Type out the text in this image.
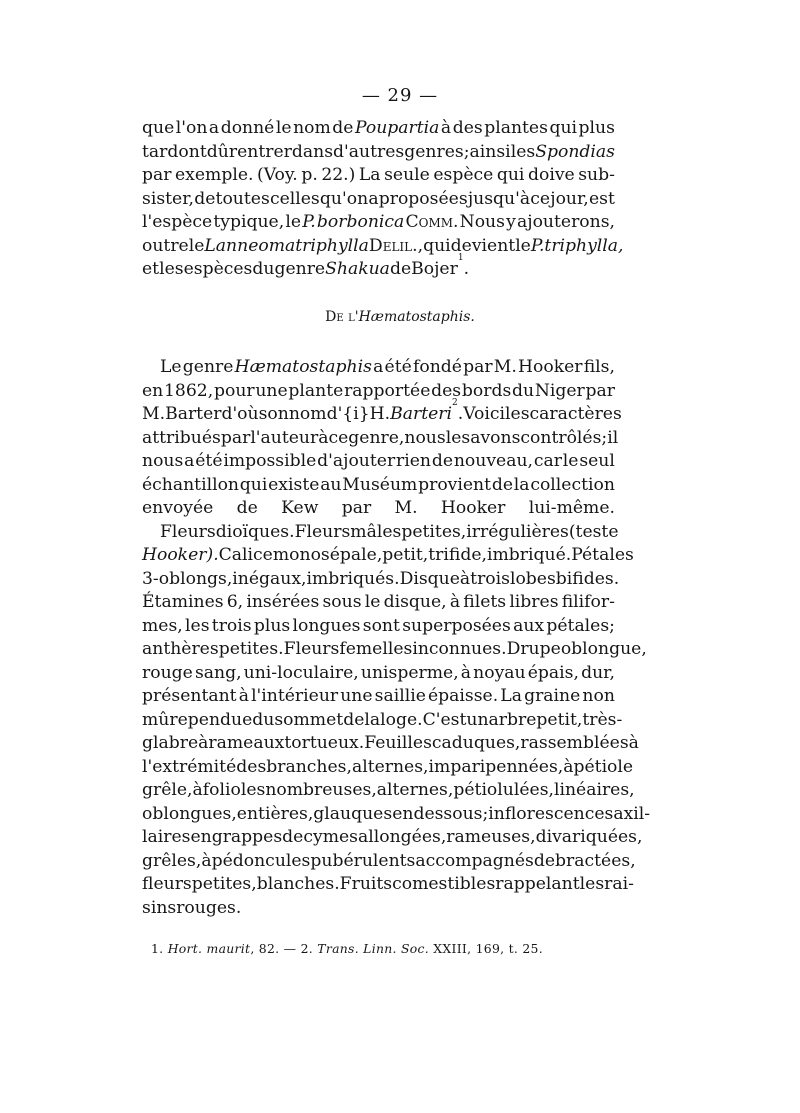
— 29 —
que l'on a donné le nom de Poupartia à des plantes qui plus
tard ont dû rentrer dans d'autres genres; ainsi les Spondias
par exemple. (Voy. p. 22.) La seule espèce qui doive sub-
sister, de toutes celles qu'on a proposées jusqu'à ce jour, est
l'espèce typique, le P. borbonica Comm. Nous y ajouterons,
outre le Lanneoma triphylla Delil., qui devient le P. triphylla,
et les espèces du genre Shakua de Bojer
1
.
De l'Hæmatostaphis.
Le genre Hæmatostaphis a été fondé par M. Hooker fils,
en 1862, pour une plante rapportée des bords du Niger par
M. Barter d'où son nom d'{i}H. Barteri
2
. Voici les caractères
attribués par l'auteur à ce genre, nous les avons contrôlés; il
nous a été impossible d'ajouter rien de nouveau, car le seul
échantillon qui existe au Muséum provient de la collection
envoyée de Kew par M. Hooker lui-même.
Fleurs dioïques. Fleurs mâles petites, irrégulières (teste
Hooker). Calice monosépale, petit, trifide, imbriqué. Pétales
3-oblongs, inégaux, imbriqués. Disque à trois lobes bifides.
Étamines 6, insérées sous le disque, à filets libres filifor-
mes, les trois plus longues sont superposées aux pétales;
anthères petites. Fleurs femelles inconnues. Drupe oblongue,
rouge sang, uni-loculaire, unisperme, à noyau épais, dur,
présentant à l'intérieur une saillie épaisse. La graine non
mûre pendue du sommet de la loge. C'est un arbre petit, très-
glabre à rameaux tortueux. Feuilles caduques, rassemblées à
l'extrémité des branches, alternes, imparipennées, à pétiole
grêle, à folioles nombreuses, alternes, pétiolulées, linéaires,
oblongues, entières, glauques en dessous; inflorescences axil-
laires en grappes de cymes allongées, rameuses, divariquées,
grêles, à pédoncules pubérulents accompagnés de bractées,
fleurs petites, blanches. Fruits comestibles rappelant les rai-
sins rouges.
1. Hort. maurit, 82. — 2. Trans. Linn. Soc. XXIII, 169, t. 25.
